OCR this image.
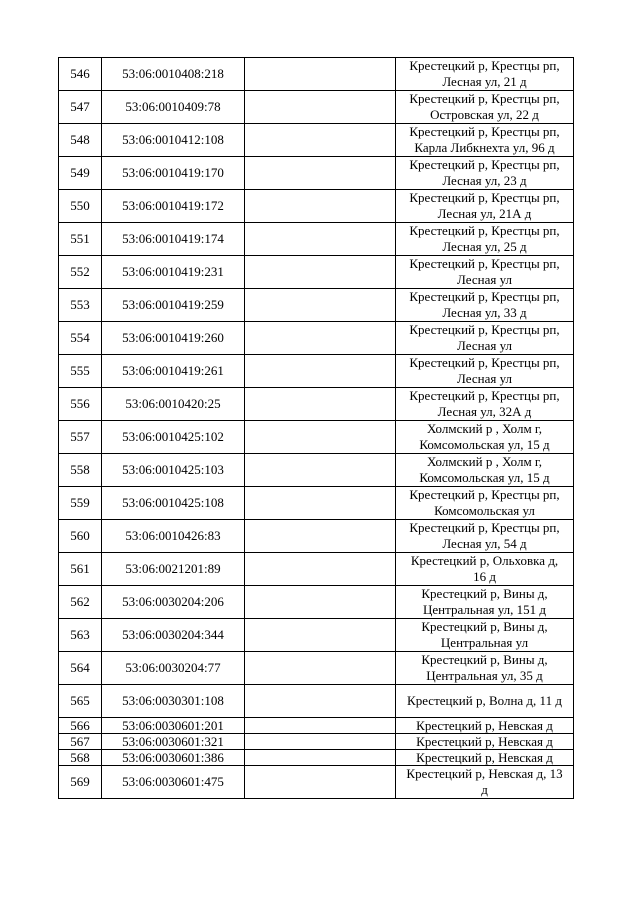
546	53:06:0010408:218		Крестецкий р, Крестцы рп,
Лесная ул, 21 д
547	53:06:0010409:78		Крестецкий р, Крестцы рп,
Островская ул, 22 д
548	53:06:0010412:108		Крестецкий р, Крестцы рп,
Карла Либкнехта ул, 96 д
549	53:06:0010419:170		Крестецкий р, Крестцы рп,
Лесная ул, 23 д
550	53:06:0010419:172		Крестецкий р, Крестцы рп,
Лесная ул, 21А д
551	53:06:0010419:174		Крестецкий р, Крестцы рп,
Лесная ул, 25 д
552	53:06:0010419:231		Крестецкий р, Крестцы рп,
Лесная ул
553	53:06:0010419:259		Крестецкий р, Крестцы рп,
Лесная ул, 33 д
554	53:06:0010419:260		Крестецкий р, Крестцы рп,
Лесная ул
555	53:06:0010419:261		Крестецкий р, Крестцы рп,
Лесная ул
556	53:06:0010420:25		Крестецкий р, Крестцы рп,
Лесная ул, 32А д
557	53:06:0010425:102		Холмский р , Холм г,
Комсомольская ул, 15 д
558	53:06:0010425:103		Холмский р , Холм г,
Комсомольская ул, 15 д
559	53:06:0010425:108		Крестецкий р, Крестцы рп,
Комсомольская ул
560	53:06:0010426:83		Крестецкий р, Крестцы рп,
Лесная ул, 54 д
561	53:06:0021201:89		Крестецкий р, Ольховка д,
16 д
562	53:06:0030204:206		Крестецкий р, Вины д,
Центральная ул, 151 д
563	53:06:0030204:344		Крестецкий р, Вины д,
Центральная ул
564	53:06:0030204:77		Крестецкий р, Вины д,
Центральная ул, 35 д
565	53:06:0030301:108		Крестецкий р, Волна д, 11 д
566	53:06:0030601:201		Крестецкий р, Невская д
567	53:06:0030601:321		Крестецкий р, Невская д
568	53:06:0030601:386		Крестецкий р, Невская д
569	53:06:0030601:475		Крестецкий р, Невская д, 13
д
